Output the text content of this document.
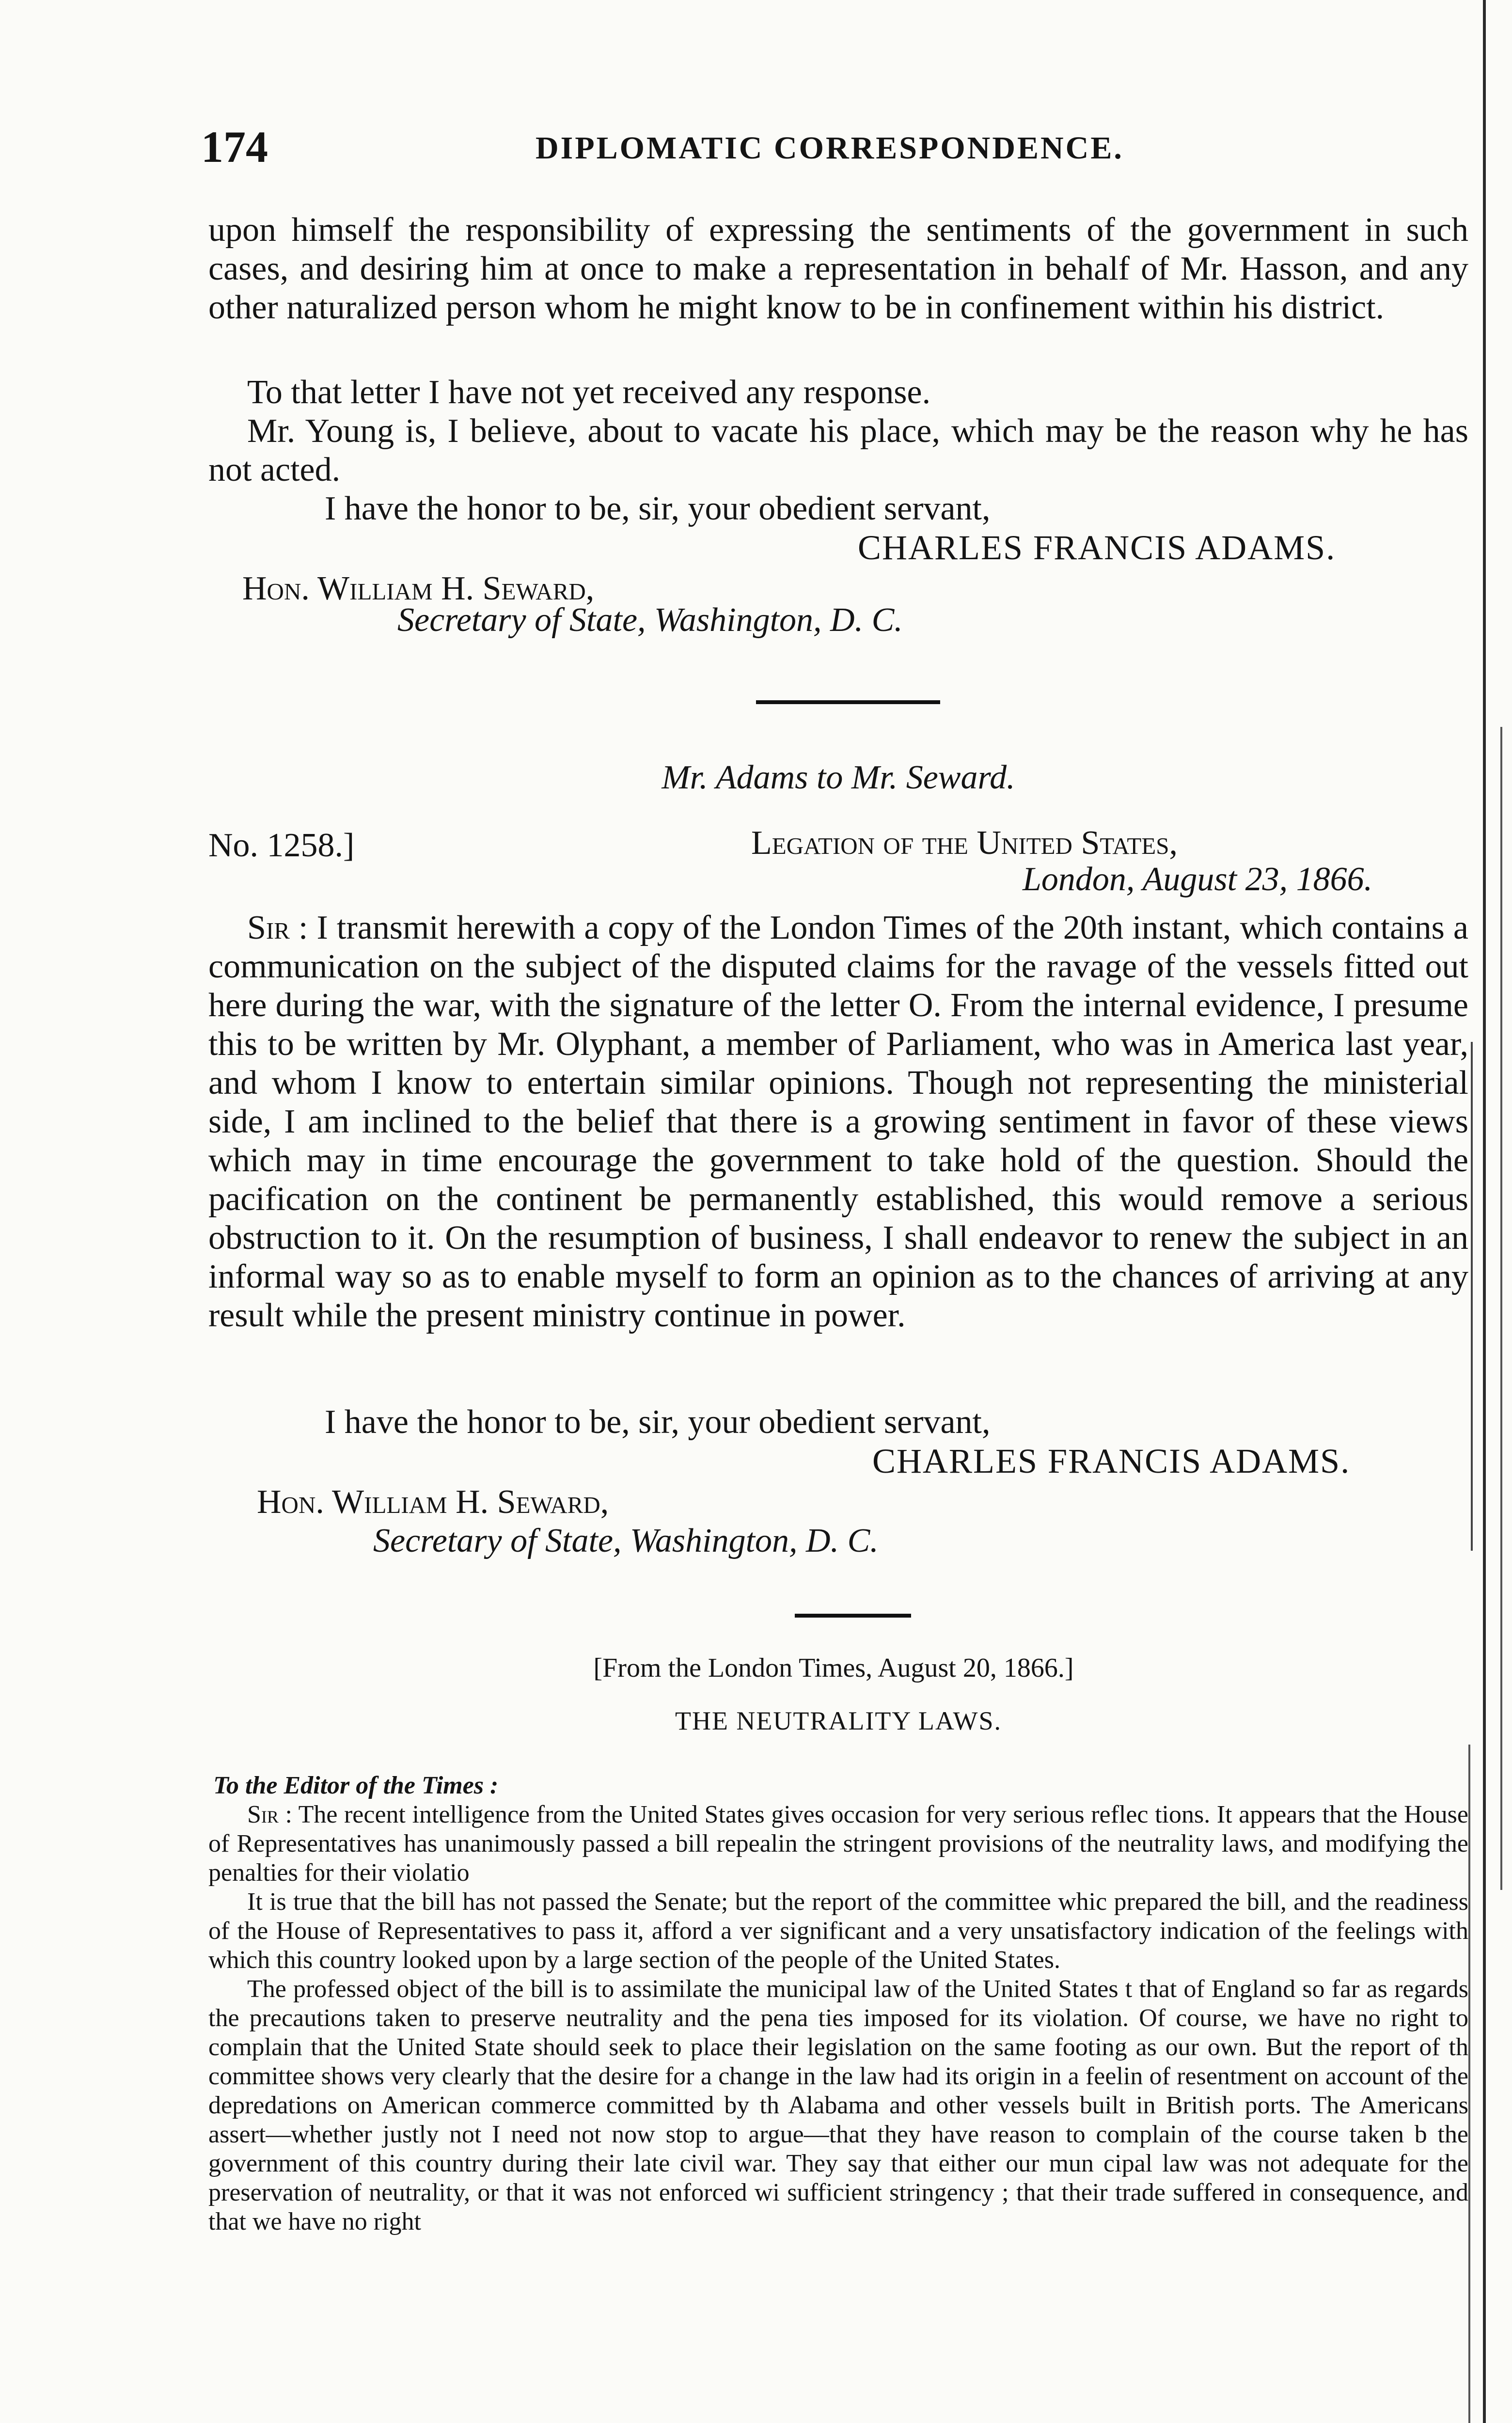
174	DIPLOMATIC CORRESPONDENCE.

upon himself the responsibility of expressing the sentiments of the government in such cases, and desiring him at once to make a representation in behalf of Mr. Hasson, and any other naturalized person whom he might know to be in confinement within his district.

To that letter I have not yet received any response.

Mr. Young is, I believe, about to vacate his place, which may be the reason why he has not acted.

I have the honor to be, sir, your obedient servant,
CHARLES FRANCIS ADAMS.
Hon. William H. Seward,
Secretary of State, Washington, D. C.
Mr. Adams to Mr. Seward.
No. 1258.]	Legation of the United States,
London, August 23, 1866.

Sir : I transmit herewith a copy of the London Times of the 20th instant, which contains a communication on the subject of the disputed claims for the ravage of the vessels fitted out here during the war, with the signature of the letter O. From the internal evidence, I presume this to be written by Mr. Olyphant, a member of Parliament, who was in America last year, and whom I know to entertain similar opinions. Though not representing the ministerial side, I am inclined to the belief that there is a growing sentiment in favor of these views which may in time encourage the government to take hold of the question. Should the pacification on the continent be permanently established, this would remove a serious obstruction to it. On the resumption of business, I shall endeavor to renew the subject in an informal way so as to enable myself to form an opinion as to the chances of arriving at any result while the present ministry continue in power.

I have the honor to be, sir, your obedient servant,
CHARLES FRANCIS ADAMS.
Hon. William H. Seward,
Secretary of State, Washington, D. C.
[From the London Times, August 20, 1866.]
THE NEUTRALITY LAWS.
To the Editor of the Times :

Sir : The recent intelligence from the United States gives occasion for very serious reflec tions. It appears that the House of Representatives has unanimously passed a bill repealin the stringent provisions of the neutrality laws, and modifying the penalties for their violatio

It is true that the bill has not passed the Senate; but the report of the committee whic prepared the bill, and the readiness of the House of Representatives to pass it, afford a ver significant and a very unsatisfactory indication of the feelings with which this country looked upon by a large section of the people of the United States.

The professed object of the bill is to assimilate the municipal law of the United States t that of England so far as regards the precautions taken to preserve neutrality and the pena ties imposed for its violation. Of course, we have no right to complain that the United State should seek to place their legislation on the same footing as our own. But the report of th committee shows very clearly that the desire for a change in the law had its origin in a feelin of resentment on account of the depredations on American commerce committed by th Alabama and other vessels built in British ports. The Americans assert—whether justly not I need not now stop to argue—that they have reason to complain of the course taken b the government of this country during their late civil war. They say that either our mun cipal law was not adequate for the preservation of neutrality, or that it was not enforced wi sufficient stringency ; that their trade suffered in consequence, and that we have no right
